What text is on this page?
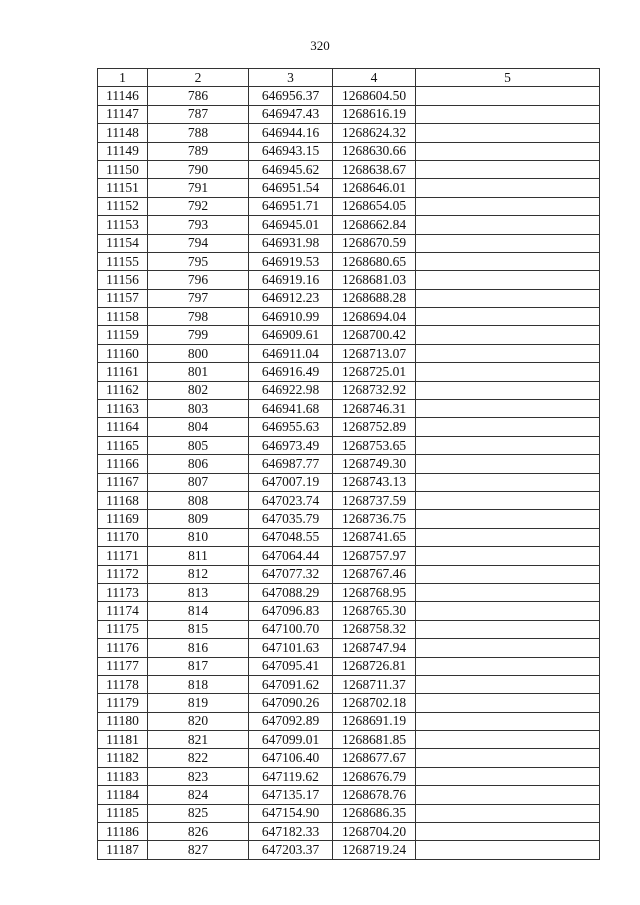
320
1	2	3	4	5
11146	786	646956.37	1268604.50	
11147	787	646947.43	1268616.19	
11148	788	646944.16	1268624.32	
11149	789	646943.15	1268630.66	
11150	790	646945.62	1268638.67	
11151	791	646951.54	1268646.01	
11152	792	646951.71	1268654.05	
11153	793	646945.01	1268662.84	
11154	794	646931.98	1268670.59	
11155	795	646919.53	1268680.65	
11156	796	646919.16	1268681.03	
11157	797	646912.23	1268688.28	
11158	798	646910.99	1268694.04	
11159	799	646909.61	1268700.42	
11160	800	646911.04	1268713.07	
11161	801	646916.49	1268725.01	
11162	802	646922.98	1268732.92	
11163	803	646941.68	1268746.31	
11164	804	646955.63	1268752.89	
11165	805	646973.49	1268753.65	
11166	806	646987.77	1268749.30	
11167	807	647007.19	1268743.13	
11168	808	647023.74	1268737.59	
11169	809	647035.79	1268736.75	
11170	810	647048.55	1268741.65	
11171	811	647064.44	1268757.97	
11172	812	647077.32	1268767.46	
11173	813	647088.29	1268768.95	
11174	814	647096.83	1268765.30	
11175	815	647100.70	1268758.32	
11176	816	647101.63	1268747.94	
11177	817	647095.41	1268726.81	
11178	818	647091.62	1268711.37	
11179	819	647090.26	1268702.18	
11180	820	647092.89	1268691.19	
11181	821	647099.01	1268681.85	
11182	822	647106.40	1268677.67	
11183	823	647119.62	1268676.79	
11184	824	647135.17	1268678.76	
11185	825	647154.90	1268686.35	
11186	826	647182.33	1268704.20	
11187	827	647203.37	1268719.24	
